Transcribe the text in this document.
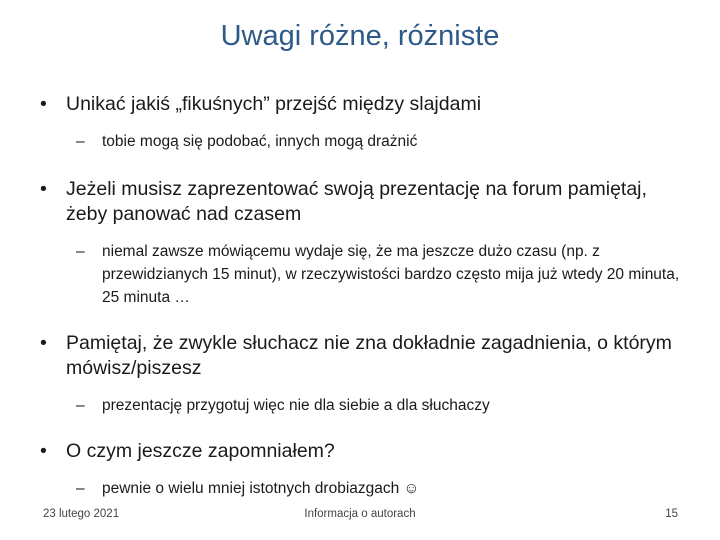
Uwagi różne, różniste
• Unikać jakiś „fikuśnych” przejść między slajdami
–	tobie mogą się podobać, innych mogą drażnić
• Jeżeli musisz zaprezentować swoją prezentację na forum pamiętaj, żeby panować nad czasem
–	niemal zawsze mówiącemu wydaje się, że ma jeszcze dużo czasu (np. z przewidzianych 15 minut), w rzeczywistości bardzo często mija już wtedy 20 minuta, 25 minuta …
• Pamiętaj, że zwykle słuchacz nie zna dokładnie zagadnienia, o którym mówisz/piszesz
–	prezentację przygotuj więc nie dla siebie a dla słuchaczy
• O czym jeszcze zapomniałem?
–	pewnie o wielu mniej istotnych drobiazgach ☺
23 lutego 2021	Informacja o autorach	15
